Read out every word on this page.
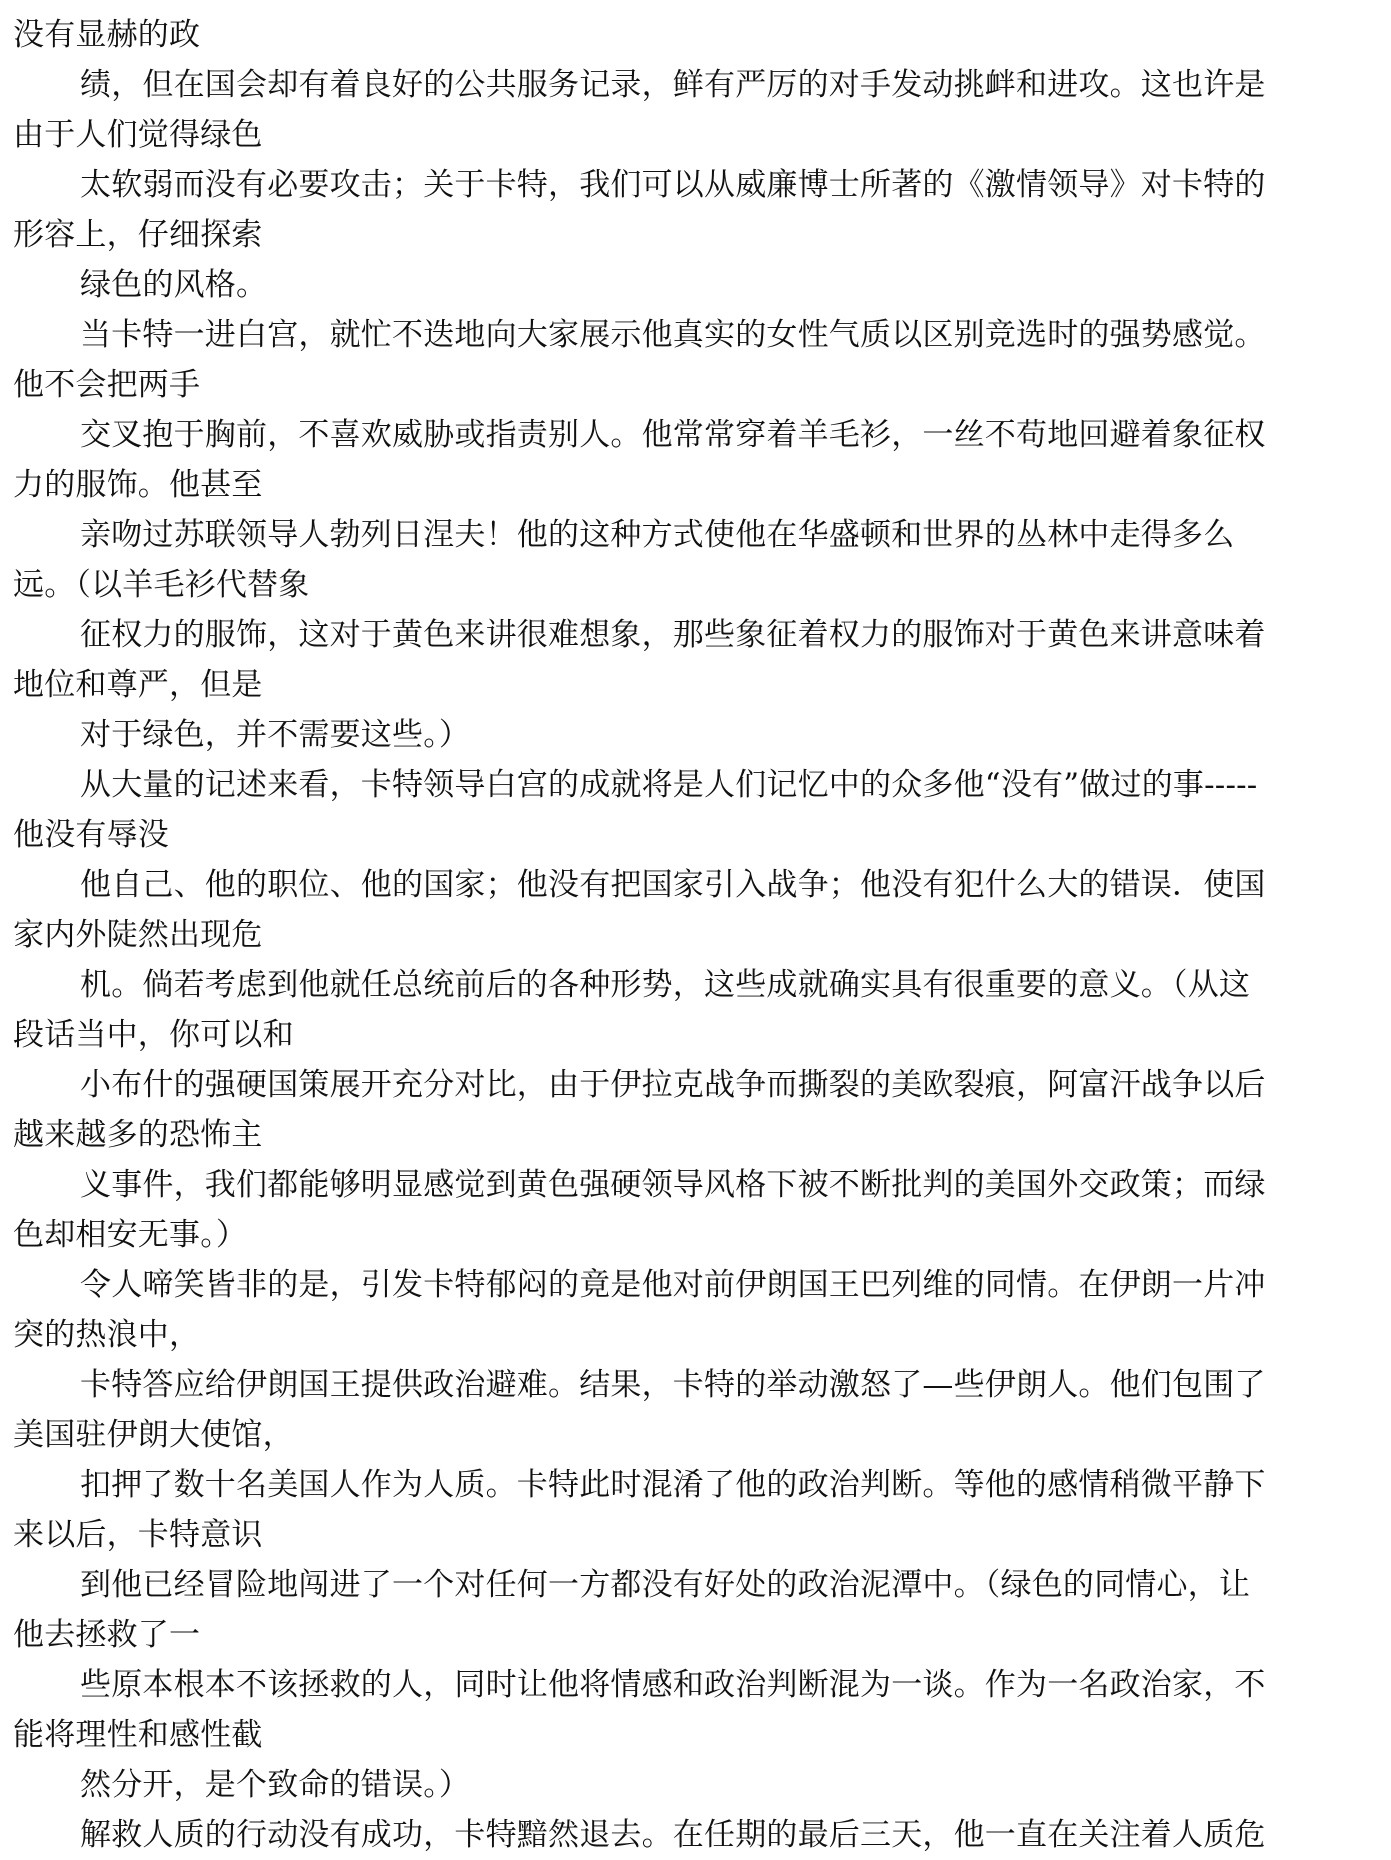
没有显赫的政
绩，但在国会却有着良好的公共服务记录，鲜有严厉的对手发动挑衅和进攻。这也许是
由于人们觉得绿色
太软弱而没有必要攻击；关于卡特，我们可以从威廉博士所著的《激情领导》对卡特的
形容上，仔细探索
绿色的风格。
当卡特一进白宫，就忙不迭地向大家展示他真实的女性气质以区别竞选时的强势感觉。
他不会把两手
交叉抱于胸前，不喜欢威胁或指责别人。他常常穿着羊毛衫，一丝不苟地回避着象征权
力的服饰。他甚至
亲吻过苏联领导人勃列日涅夫！他的这种方式使他在华盛顿和世界的丛林中走得多么
远。（以羊毛衫代替象
征权力的服饰，这对于黄色来讲很难想象，那些象征着权力的服饰对于黄色来讲意味着
地位和尊严，但是
对于绿色，并不需要这些。）
从大量的记述来看，卡特领导白宫的成就将是人们记忆中的众多他“没有”做过的事-----
他没有辱没
他自己、他的职位、他的国家；他没有把国家引入战争；他没有犯什么大的错误．使国
家内外陡然出现危
机。倘若考虑到他就任总统前后的各种形势，这些成就确实具有很重要的意义。（从这
段话当中，你可以和
小布什的强硬国策展开充分对比，由于伊拉克战争而撕裂的美欧裂痕，阿富汗战争以后
越来越多的恐怖主
义事件，我们都能够明显感觉到黄色强硬领导风格下被不断批判的美国外交政策；而绿
色却相安无事。）
令人啼笑皆非的是，引发卡特郁闷的竟是他对前伊朗国王巴列维的同情。在伊朗一片冲
突的热浪中，
卡特答应给伊朗国王提供政治避难。结果，卡特的举动激怒了—些伊朗人。他们包围了
美国驻伊朗大使馆，
扣押了数十名美国人作为人质。卡特此时混淆了他的政治判断。等他的感情稍微平静下
来以后，卡特意识
到他已经冒险地闯进了一个对任何一方都没有好处的政治泥潭中。（绿色的同情心，让
他去拯救了一
些原本根本不该拯救的人，同时让他将情感和政治判断混为一谈。作为一名政治家，不
能将理性和感性截
然分开，是个致命的错误。）
解救人质的行动没有成功，卡特黯然退去。在任期的最后三天，他一直在关注着人质危
